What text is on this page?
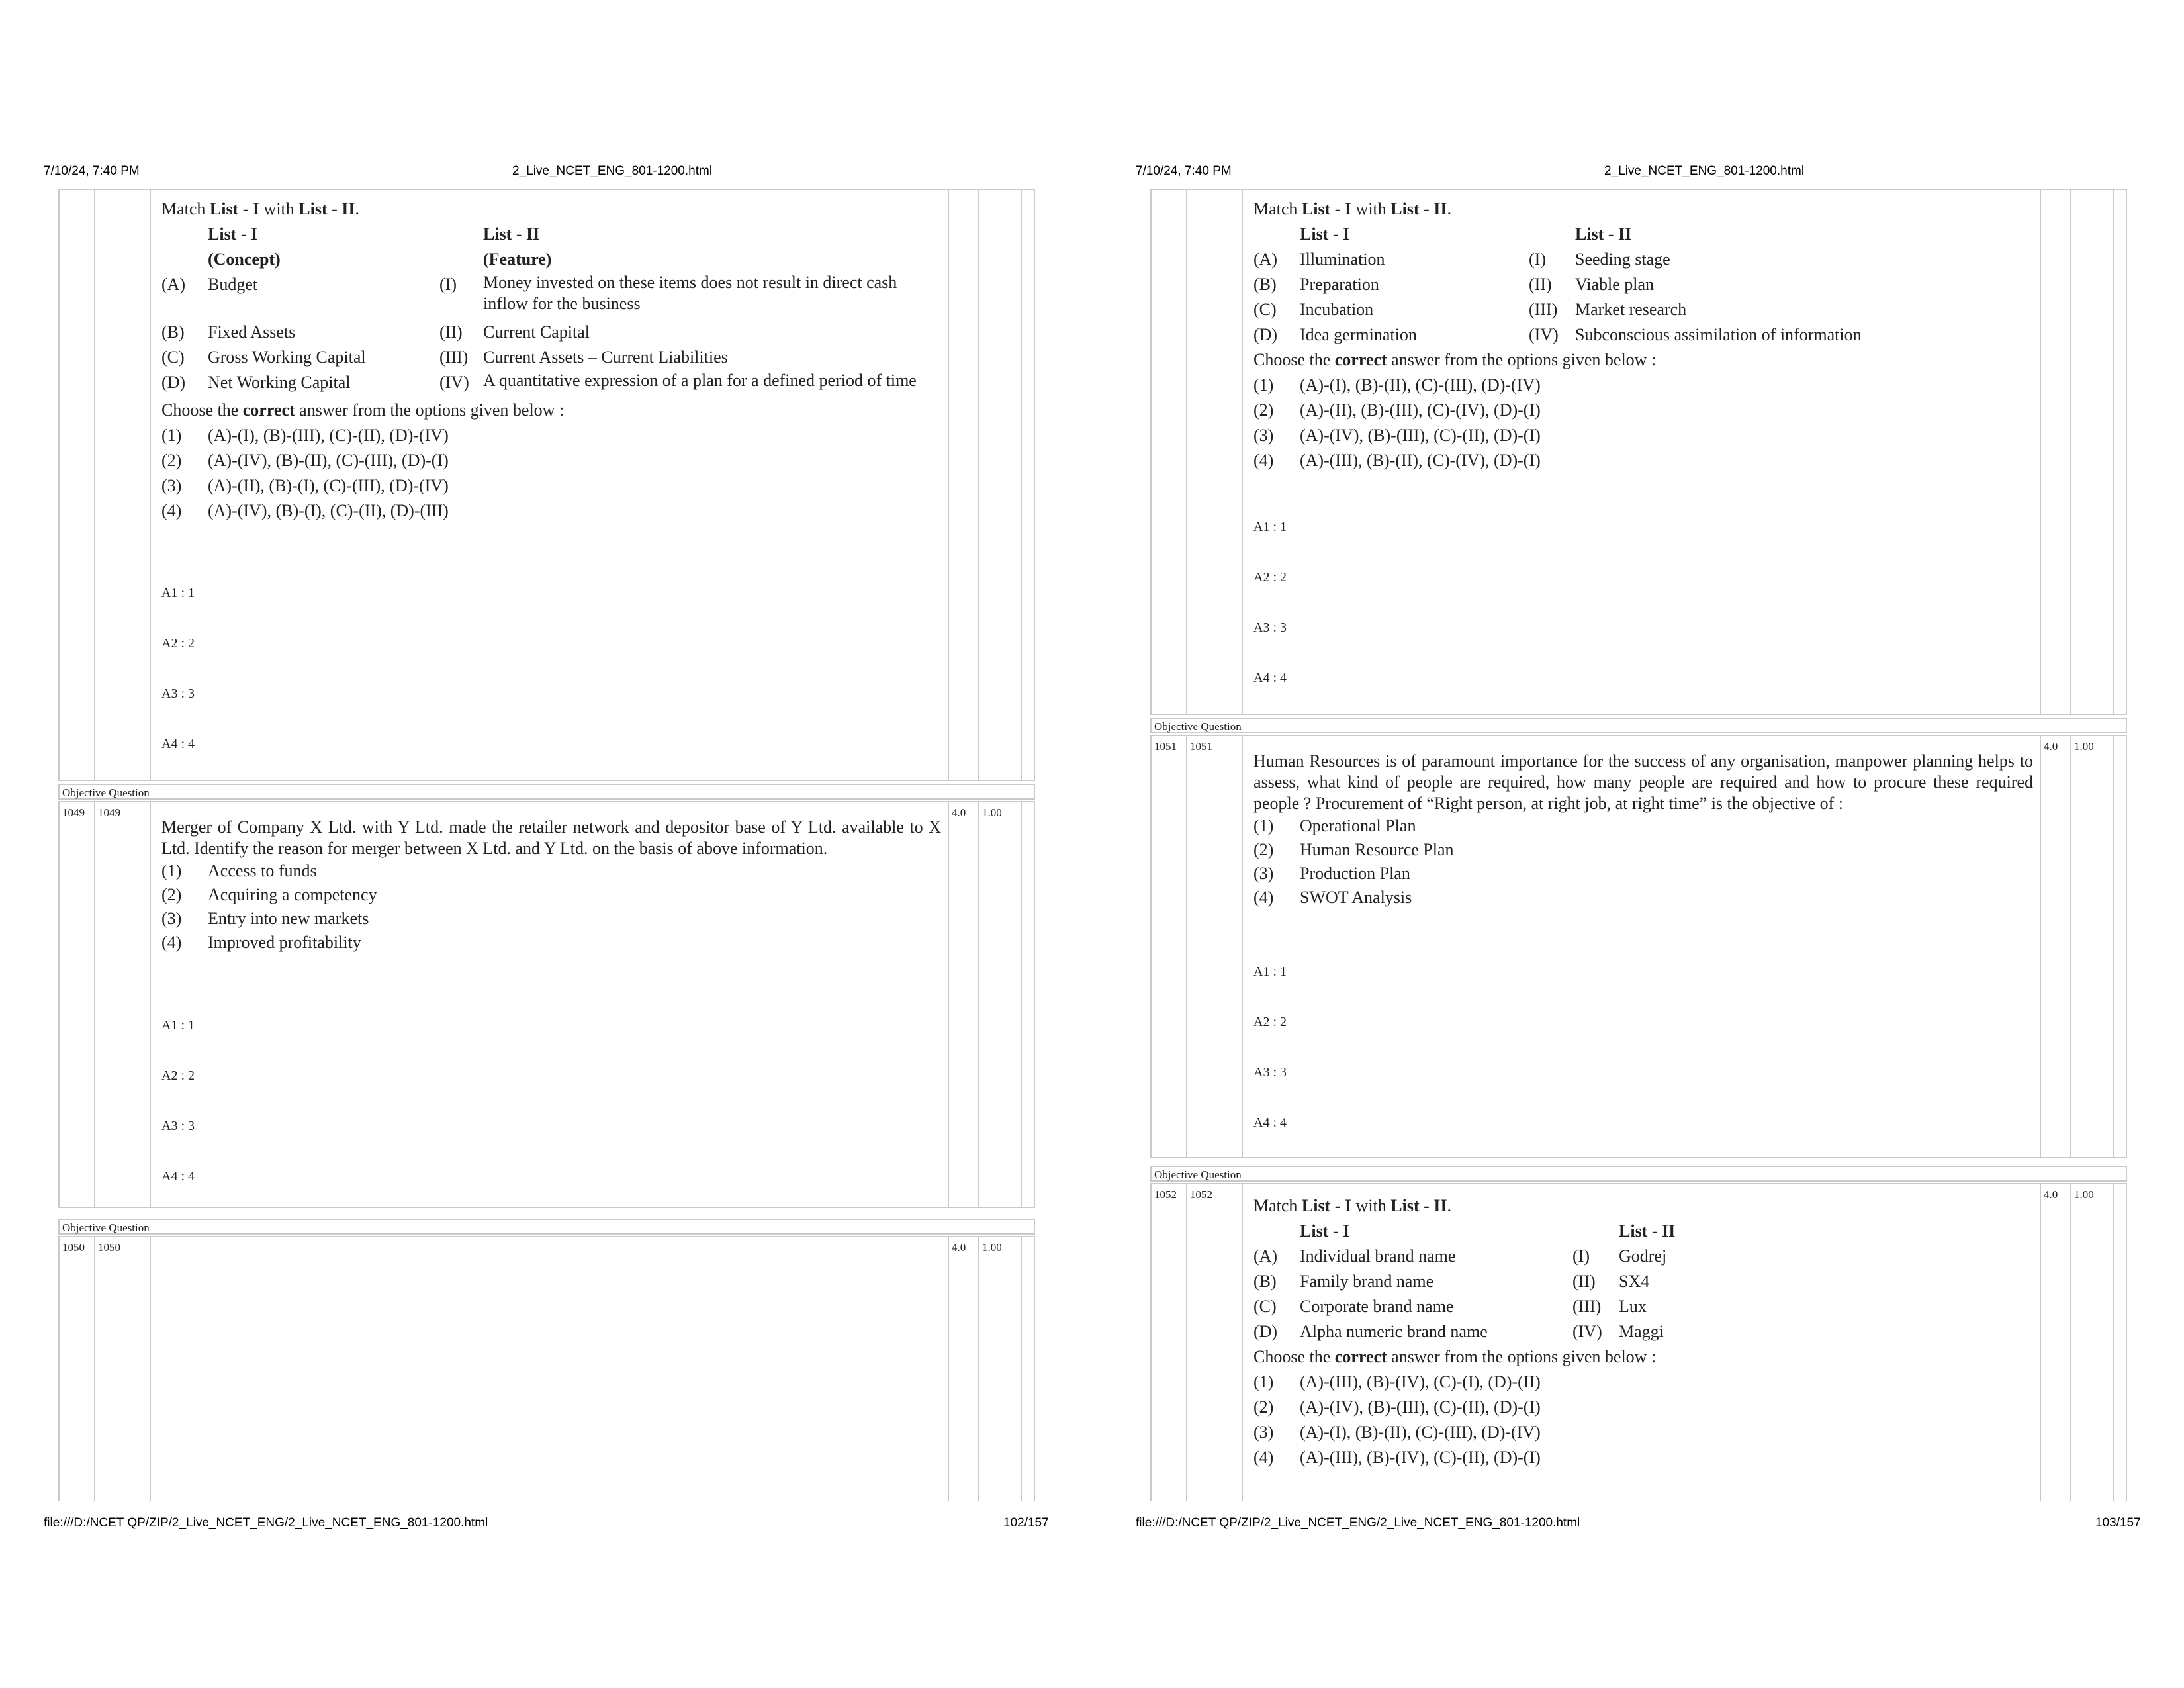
7/10/24, 7:40 PM	2_Live_NCET_ENG_801-1200.html

Match List - I with List - II.

	List - I		List - II
	(Concept)		(Feature)
(A)	Budget	(I)	Money invested on these items does not result in direct cash inflow for the business
(B)	Fixed Assets	(II)	Current Capital
(C)	Gross Working Capital	(III)	Current Assets – Current Liabilities
(D)	Net Working Capital	(IV)	A quantitative expression of a plan for a defined period of time

Choose the correct answer from the options given below :

(1)	(A)-(I), (B)-(III), (C)-(II), (D)-(IV)
(2)	(A)-(IV), (B)-(II), (C)-(III), (D)-(I)
(3)	(A)-(II), (B)-(I), (C)-(III), (D)-(IV)
(4)	(A)-(IV), (B)-(I), (C)-(II), (D)-(III)
A1 : 1
A2 : 2
A3 : 3
A4 : 4
Objective Question
1049	1049	4.0	1.00

Merger of Company X Ltd. with Y Ltd. made the retailer network and depositor base of Y Ltd. available to X Ltd. Identify the reason for merger between X Ltd. and Y Ltd. on the basis of above information.

(1)	Access to funds
(2)	Acquiring a competency
(3)	Entry into new markets
(4)	Improved profitability
A1 : 1
A2 : 2
A3 : 3
A4 : 4
Objective Question
1050	1050	4.0	1.00
file:///D:/NCET QP/ZIP/2_Live_NCET_ENG/2_Live_NCET_ENG_801-1200.html	102/157
7/10/24, 7:40 PM	2_Live_NCET_ENG_801-1200.html

Match List - I with List - II.

	List - I		List - II
(A)	Illumination	(I)	Seeding stage
(B)	Preparation	(II)	Viable plan
(C)	Incubation	(III)	Market research
(D)	Idea germination	(IV)	Subconscious assimilation of information

Choose the correct answer from the options given below :

(1)	(A)-(I), (B)-(II), (C)-(III), (D)-(IV)
(2)	(A)-(II), (B)-(III), (C)-(IV), (D)-(I)
(3)	(A)-(IV), (B)-(III), (C)-(II), (D)-(I)
(4)	(A)-(III), (B)-(II), (C)-(IV), (D)-(I)
A1 : 1
A2 : 2
A3 : 3
A4 : 4
Objective Question
1051	1051	4.0	1.00

Human Resources is of paramount importance for the success of any organisation, manpower planning helps to assess, what kind of people are required, how many people are required and how to procure these required people ? Procurement of “Right person, at right job, at right time” is the objective of :

(1)	Operational Plan
(2)	Human Resource Plan
(3)	Production Plan
(4)	SWOT Analysis
A1 : 1
A2 : 2
A3 : 3
A4 : 4
Objective Question
1052	1052	4.0	1.00

Match List - I with List - II.

	List - I		List - II
(A)	Individual brand name	(I)	Godrej
(B)	Family brand name	(II)	SX4
(C)	Corporate brand name	(III)	Lux
(D)	Alpha numeric brand name	(IV)	Maggi

Choose the correct answer from the options given below :

(1)	(A)-(III), (B)-(IV), (C)-(I), (D)-(II)
(2)	(A)-(IV), (B)-(III), (C)-(II), (D)-(I)
(3)	(A)-(I), (B)-(II), (C)-(III), (D)-(IV)
(4)	(A)-(III), (B)-(IV), (C)-(II), (D)-(I)
file:///D:/NCET QP/ZIP/2_Live_NCET_ENG/2_Live_NCET_ENG_801-1200.html	103/157
